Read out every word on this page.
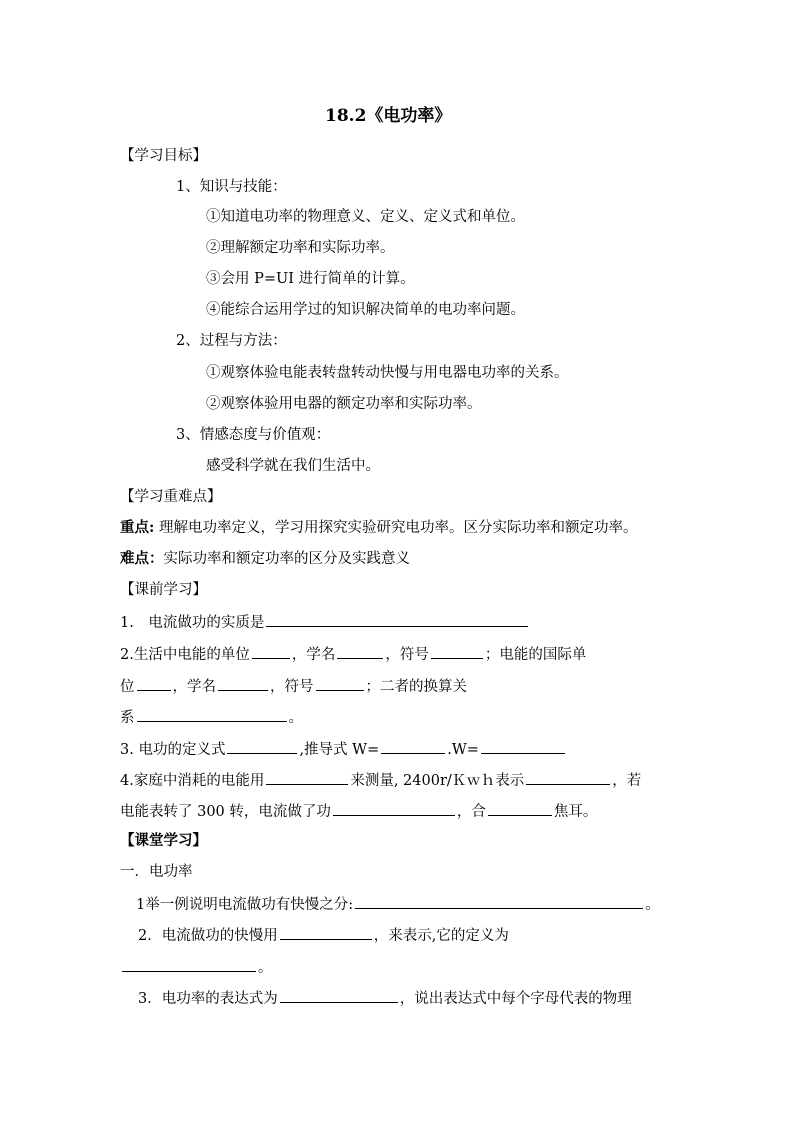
18.2《电功率》
【学习目标】
1、知识与技能：
①知道电功率的物理意义、定义、定义式和单位。
②理解额定功率和实际功率。
③会用 P=UI 进行简单的计算。
④能综合运用学过的知识解决简单的电功率问题。
2、过程与方法：
①观察体验电能表转盘转动快慢与用电器电功率的关系。
②观察体验用电器的额定功率和实际功率。
3、情感态度与价值观：
感受科学就在我们生活中。
【学习重难点】
重点: 理解电功率定义，学习用探究实验研究电功率。区分实际功率和额定功率。
难点：实际功率和额定功率的区分及实践意义
【课前学习】
1.　电流做功的实质是
2.生活中电能的单位	，学名	，符号	；电能的国际单
位	，学名	，符号	；二者的换算关
系	。
3. 电功的定义式	,推导式 W=	.W=
4.家庭中消耗的电能用	来测量, 2400r/Ｋｗｈ表示	，若
电能表转了 300 转，电流做了功	，合	焦耳。
【课堂学习】
一．电功率
1举一例说明电流做功有快慢之分:	。
2．电流做功的快慢用	，来表示,它的定义为
。
3．电功率的表达式为	，说出表达式中每个字母代表的物理
